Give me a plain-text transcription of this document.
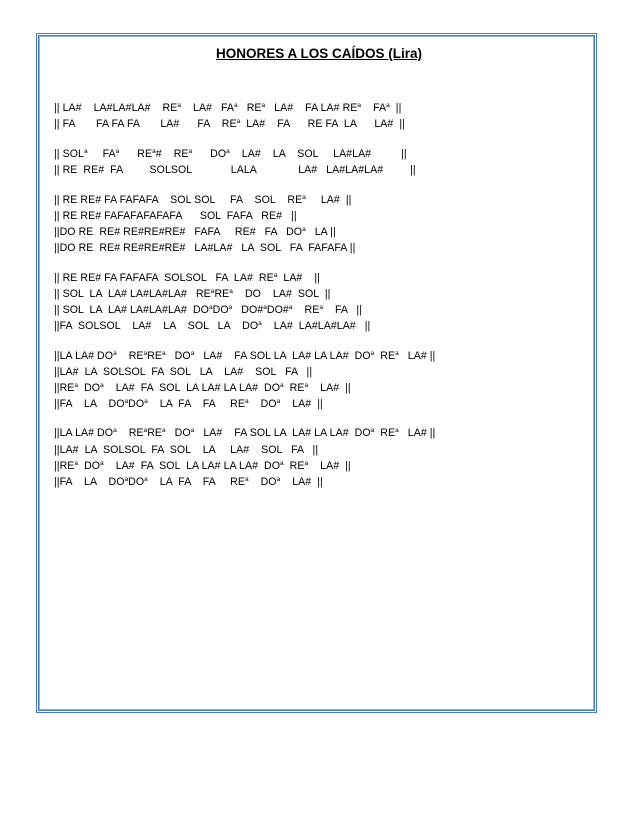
HONORES A LOS CAÍDOS (Lira)
|| LA#    LA#LA#LA#    $RE^a$    LA#   $FA^a$   $RE^a$   LA#    FA LA# $RE^a$    $FA^a$  ||
|| FA       FA FA FA       LA#      FA    $RE^a$  LA#    FA      RE FA  LA      LA#  ||
|| SOL$^a$     $FA^a$      $RE^a\#$    $RE^a$      $DO^a$    LA#    LA    SOL     LA#LA#          ||
|| RE  RE#  FA         SOLSOL             LALA              LA#   LA#LA#LA#         ||
|| RE RE# FA FAFAFA    SOL SOL     FA    SOL    $RE^a$     LA#  ||
|| RE RE# FAFAFAFAFAFA      SOL  FAFA   RE#   ||
||DO RE  RE# RE#RE#RE#   FAFA     RE#   FA   $DO^a$   LA ||
||DO RE  RE# RE#RE#RE#   LA#LA#   LA  SOL   FA  FAFAFA ||
|| RE RE# FA FAFAFA  SOLSOL   FA  LA#  $RE^a$  LA#    ||
|| SOL  LA  LA# LA#LA#LA#   $RE^aRE^a$    DO    LA#  SOL  ||
|| SOL  LA  LA# LA#LA#LA#  $DO^aDO^a$   DO#$^a$DO#$^a$    $RE^a$    FA   ||
||FA  SOLSOL    LA#    LA    SOL   LA    $DO^a$    LA#  LA#LA#LA#   ||
||LA LA# $DO^a$    $RE^aRE^a$   $DO^a$   LA#    FA SOL LA  LA# LA LA#  $DO^a$  $RE^a$   LA# ||
||LA#  LA  SOLSOL  FA  SOL   LA    LA#    SOL   FA   ||
$||RE^a$  $DO^a$    LA#  FA  SOL  LA LA# LA LA#  $DO^a$  $RE^a$    LA#  ||
||FA    LA    $DO^aDO^a$    LA  FA    FA     $RE^a$    $DO^a$    LA#  ||
||LA LA# $DO^a$    $RE^aRE^a$   $DO^a$   LA#    FA SOL LA  LA# LA LA#  $DO^a$  $RE^a$   LA# ||
||LA#  LA  SOLSOL  FA  SOL    LA     LA#    SOL   FA   ||
$||RE^a$  $DO^a$    LA#  FA  SOL  LA LA# LA LA#  $DO^a$  $RE^a$    LA#  ||
||FA    LA    $DO^aDO^a$    LA  FA    FA     $RE^a$    $DO^a$    LA#  ||
